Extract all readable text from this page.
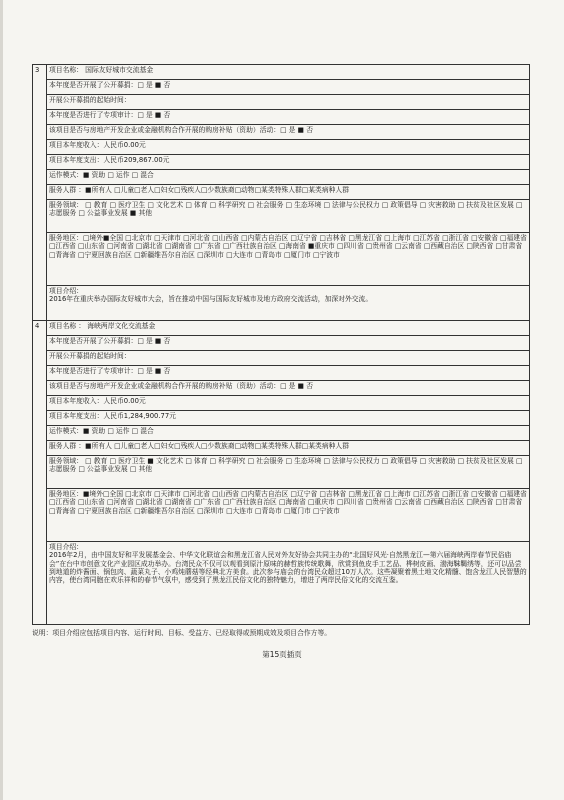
3	项目名称： 国际友好城市交流基金
	本年度是否开展了公开募捐：□ 是 ■ 否
	开展公开募捐的起始时间：
	本年度是否进行了专项审计：□ 是 ■ 否
	该项目是否与房地产开发企业或金融机构合作开展的购房补贴（资助）活动：□ 是 ■ 否
	项目本年度收入：人民币0.00元
	项目本年度支出：人民币209,867.00元
	运作模式：■ 资助 □ 运作 □ 混合
	服务人群 ：■所有人 □儿童□老人□妇女□残疾人□少数族裔□动物□某类特殊人群□某类病种人群
	服务领域： □ 教育 □ 医疗卫生 □ 文化艺术 □ 体育 □ 科学研究 □ 社会服务 □ 生态环境 □ 法律与公民权力 □ 政策倡导 □ 灾害救助 □ 扶贫及社区发展 □ 志愿服务 □ 公益事业发展 ■ 其他
	服务地区：□境外■全国 □北京市 □天津市 □河北省 □山西省 □内蒙古自治区 □辽宁省 □吉林省 □黑龙江省 □上海市 □江苏省 □浙江省 □安徽省 □福建省 □江西省 □山东省 □河南省 □湖北省 □湖南省 □广东省 □广西壮族自治区 □海南省 ■重庆市 □四川省 □贵州省 □云南省 □西藏自治区 □陕西省 □甘肃省 □青海省 □宁夏回族自治区 □新疆维吾尔自治区 □深圳市 □大连市 □青岛市 □厦门市 □宁波市

	项目介绍：
2016年在重庆举办国际友好城市大会，旨在推动中国与国际友好城市及地方政府交流活动，加深对外交流。

4	项目名称 ： 海峡两岸文化交流基金
	本年度是否开展了公开募捐：□ 是 ■ 否
	开展公开募捐的起始时间：
	本年度是否进行了专项审计：□ 是 ■ 否
	该项目是否与房地产开发企业或金融机构合作开展的购房补贴（资助）活动：□ 是 ■ 否
	项目本年度收入：人民币0.00元
	项目本年度支出：人民币1,284,900.77元
	运作模式：■ 资助 □ 运作 □ 混合
	服务人群 ：■所有人 □儿童□老人□妇女□残疾人□少数族裔□动物□某类特殊人群□某类病种人群
	服务领域： □ 教育 □ 医疗卫生 ■ 文化艺术 □ 体育 □ 科学研究 □ 社会服务 □ 生态环境 □ 法律与公民权力 □ 政策倡导 □ 灾害救助 □ 扶贫及社区发展 □ 志愿服务 □ 公益事业发展 □ 其他
	服务地区：■境外□全国 □北京市 □天津市 □河北省 □山西省 □内蒙古自治区 □辽宁省 □吉林省 □黑龙江省 □上海市 □江苏省 □浙江省 □安徽省 □福建省 □江西省 □山东省 □河南省 □湖北省 □湖南省 □广东省 □广西壮族自治区 □海南省 □重庆市 □四川省 □贵州省 □云南省 □西藏自治区 □陕西省 □甘肃省 □青海省 □宁夏回族自治区 □新疆维吾尔自治区 □深圳市 □大连市 □青岛市 □厦门市 □宁波市

	项目介绍：
2016年2月，由中国友好和平发展基金会、中华文化联谊会和黑龙江省人民对外友好协会共同主办的“北国好风光·自然黑龙江—第六届海峡两岸春节民俗庙会”在台中市创意文化产业园区成功举办。台湾民众不仅可以观看到原汁原味的赫哲族传统歌舞，欣赏到鱼皮手工艺品、桦树皮画、渤海靺鞨绣等，还可以品尝到地道的炸酱面、锅包肉、蔬菜丸子、小鸡炖蘑菇等经典北方美食。此次参与庙会的台湾民众超过10万人次。这些凝聚着黑土地文化精髓、饱含龙江人民智慧的内容，使台湾同胞在欢乐祥和的春节气氛中，感受到了黑龙江民俗文化的独特魅力，增进了两岸民俗文化的交流互鉴。
说明：项目介绍应包括项目内容、运行时间、目标、受益方、已经取得或预期成效及项目合作方等。
第15页插页
